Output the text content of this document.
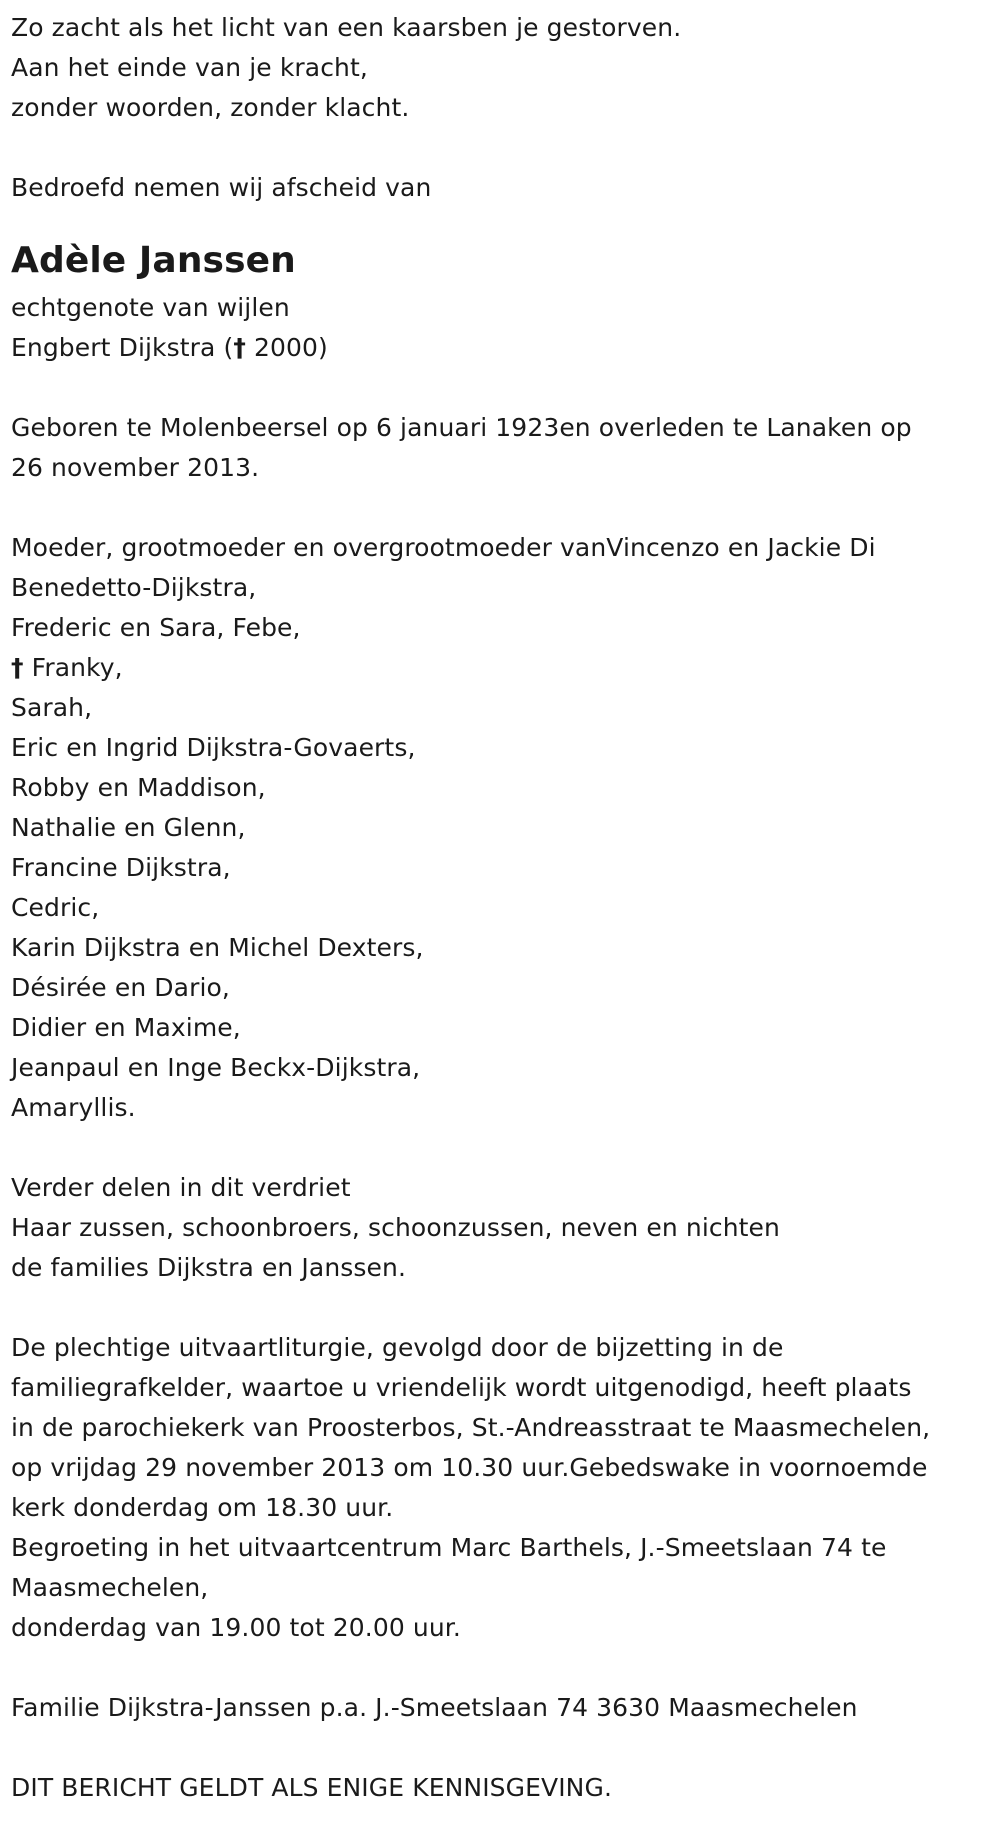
Zo zacht als het licht van een kaarsben je gestorven.
Aan het einde van je kracht,
zonder woorden, zonder klacht.
Bedroefd nemen wij afscheid van
Adèle Janssen
echtgenote van wijlen
Engbert Dijkstra († 2000)
Geboren te Molenbeersel op 6 januari 1923en overleden te Lanaken op
26 november 2013.
Moeder, grootmoeder en overgrootmoeder vanVincenzo en Jackie Di
Benedetto-Dijkstra,
Frederic en Sara, Febe,
† Franky,
Sarah,
Eric en Ingrid Dijkstra-Govaerts,
Robby en Maddison,
Nathalie en Glenn,
Francine Dijkstra,
Cedric,
Karin Dijkstra en Michel Dexters,
Désirée en Dario,
Didier en Maxime,
Jeanpaul en Inge Beckx-Dijkstra,
Amaryllis.
Verder delen in dit verdriet
Haar zussen, schoonbroers, schoonzussen, neven en nichten
de families Dijkstra en Janssen.
De plechtige uitvaartliturgie, gevolgd door de bijzetting in de
familiegrafkelder, waartoe u vriendelijk wordt uitgenodigd, heeft plaats
in de parochiekerk van Proosterbos, St.-Andreasstraat te Maasmechelen,
op vrijdag 29 november 2013 om 10.30 uur.Gebedswake in voornoemde
kerk donderdag om 18.30 uur.
Begroeting in het uitvaartcentrum Marc Barthels, J.-Smeetslaan 74 te
Maasmechelen,
donderdag van 19.00 tot 20.00 uur.
Familie Dijkstra-Janssen p.a. J.-Smeetslaan 74 3630 Maasmechelen
DIT BERICHT GELDT ALS ENIGE KENNISGEVING.
